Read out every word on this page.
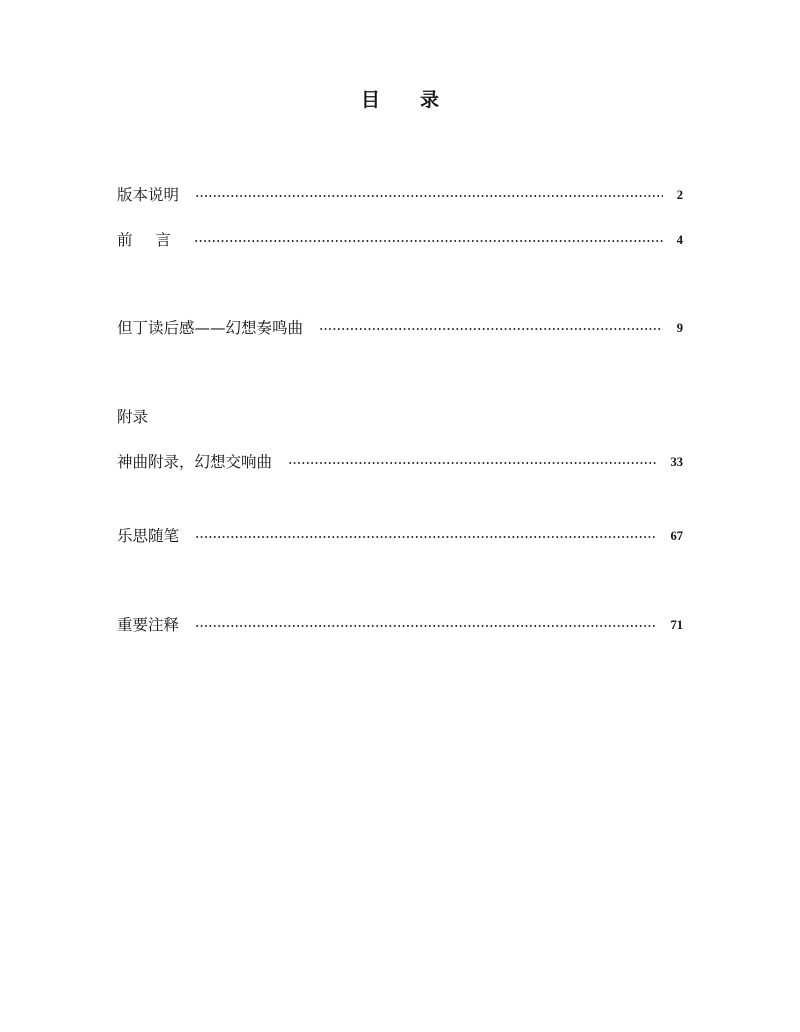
目录
版本说明	2
前言	4
但丁读后感——幻想奏鸣曲	9
附录
神曲附录，幻想交响曲	33
乐思随笔	67
重要注释	71
